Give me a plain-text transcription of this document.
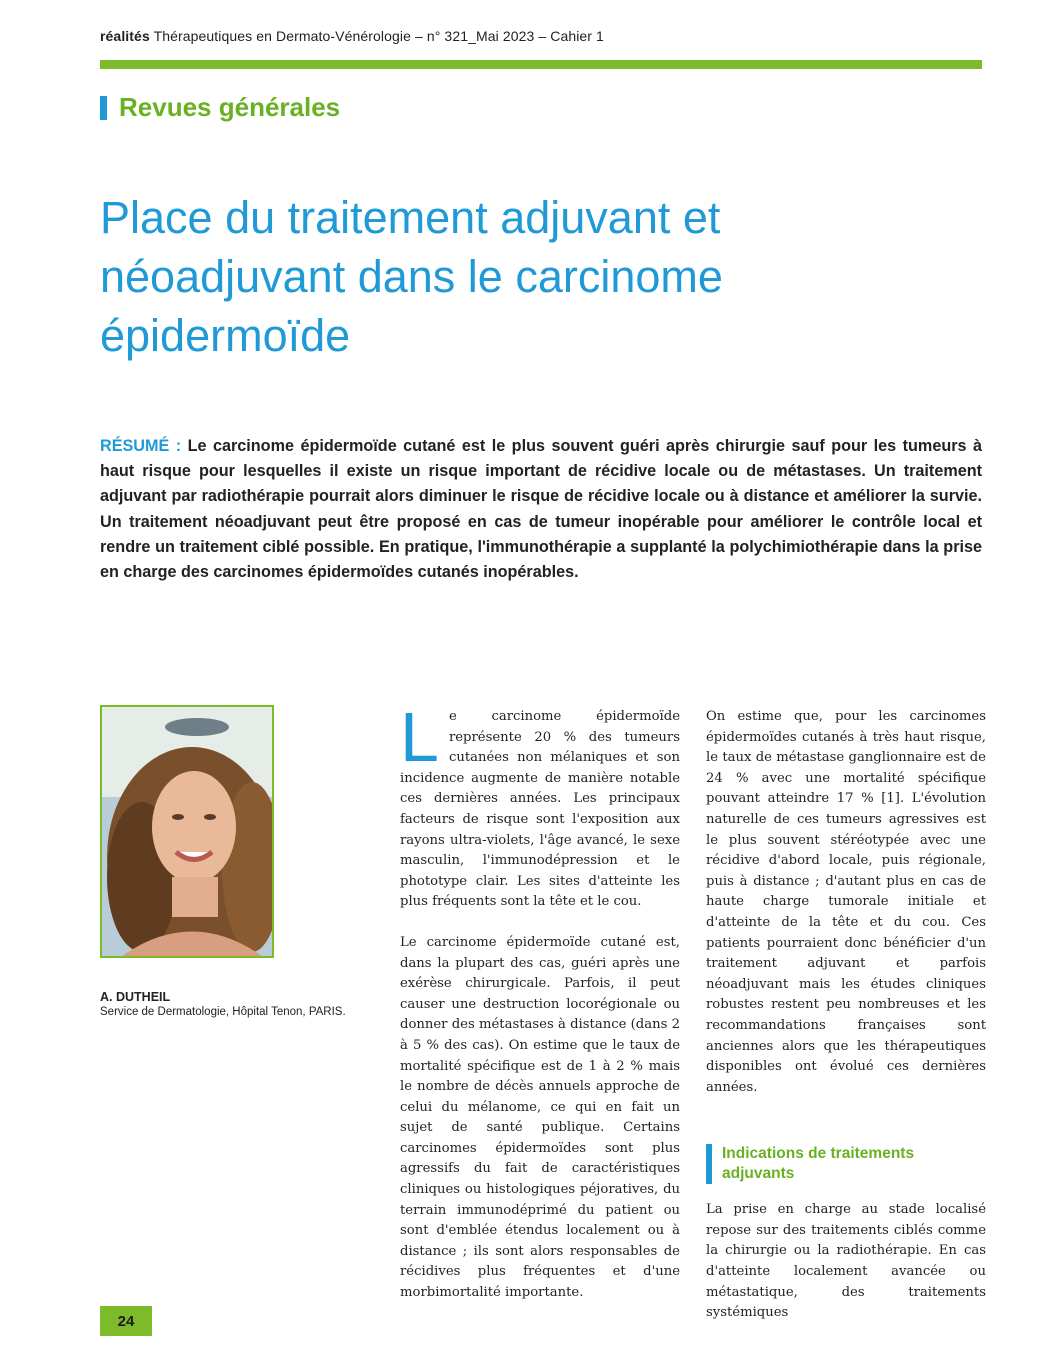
réalités Thérapeutiques en Dermato-Vénérologie – n° 321_Mai 2023 – Cahier 1
Revues générales
Place du traitement adjuvant et néoadjuvant dans le carcinome épidermoïde

RÉSUMÉ : Le carcinome épidermoïde cutané est le plus souvent guéri après chirurgie sauf pour les tumeurs à haut risque pour lesquelles il existe un risque important de récidive locale ou de métastases. Un traitement adjuvant par radiothérapie pourrait alors diminuer le risque de récidive locale ou à distance et améliorer la survie. Un traitement néoadjuvant peut être proposé en cas de tumeur inopérable pour améliorer le contrôle local et rendre un traitement ciblé possible. En pratique, l'immunothérapie a supplanté la polychimiothérapie dans la prise en charge des carcinomes épidermoïdes cutanés inopérables.

A. DUTHEIL
Service de Dermatologie, Hôpital Tenon, PARIS.

Le carcinome épidermoïde représente 20 % des tumeurs cutanées non mélaniques et son incidence augmente de manière notable ces dernières années. Les principaux facteurs de risque sont l'exposition aux rayons ultra-violets, l'âge avancé, le sexe masculin, l'immunodépression et le phototype clair. Les sites d'atteinte les plus fréquents sont la tête et le cou.

Le carcinome épidermoïde cutané est, dans la plupart des cas, guéri après une exérèse chirurgicale. Parfois, il peut causer une destruction locorégionale ou donner des métastases à distance (dans 2 à 5 % des cas). On estime que le taux de mortalité spécifique est de 1 à 2 % mais le nombre de décès annuels approche de celui du mélanome, ce qui en fait un sujet de santé publique. Certains carcinomes épidermoïdes sont plus agressifs du fait de caractéristiques cliniques ou histologiques péjoratives, du terrain immunodéprimé du patient ou sont d'emblée étendus localement ou à distance ; ils sont alors responsables de récidives plus fréquentes et d'une morbimortalité importante.

On estime que, pour les carcinomes épidermoïdes cutanés à très haut risque, le taux de métastase ganglionnaire est de 24 % avec une mortalité spécifique pouvant atteindre 17 % [1]. L'évolution naturelle de ces tumeurs agressives est le plus souvent stéréotypée avec une récidive d'abord locale, puis régionale, puis à distance ; d'autant plus en cas de haute charge tumorale initiale et d'atteinte de la tête et du cou. Ces patients pourraient donc bénéficier d'un traitement adjuvant et parfois néoadjuvant mais les études cliniques robustes restent peu nombreuses et les recommandations françaises sont anciennes alors que les thérapeutiques disponibles ont évolué ces dernières années.

Indications de traitements adjuvants

La prise en charge au stade localisé repose sur des traitements ciblés comme la chirurgie ou la radiothérapie. En cas d'atteinte localement avancée ou métastatique, des traitements systémiques

24
